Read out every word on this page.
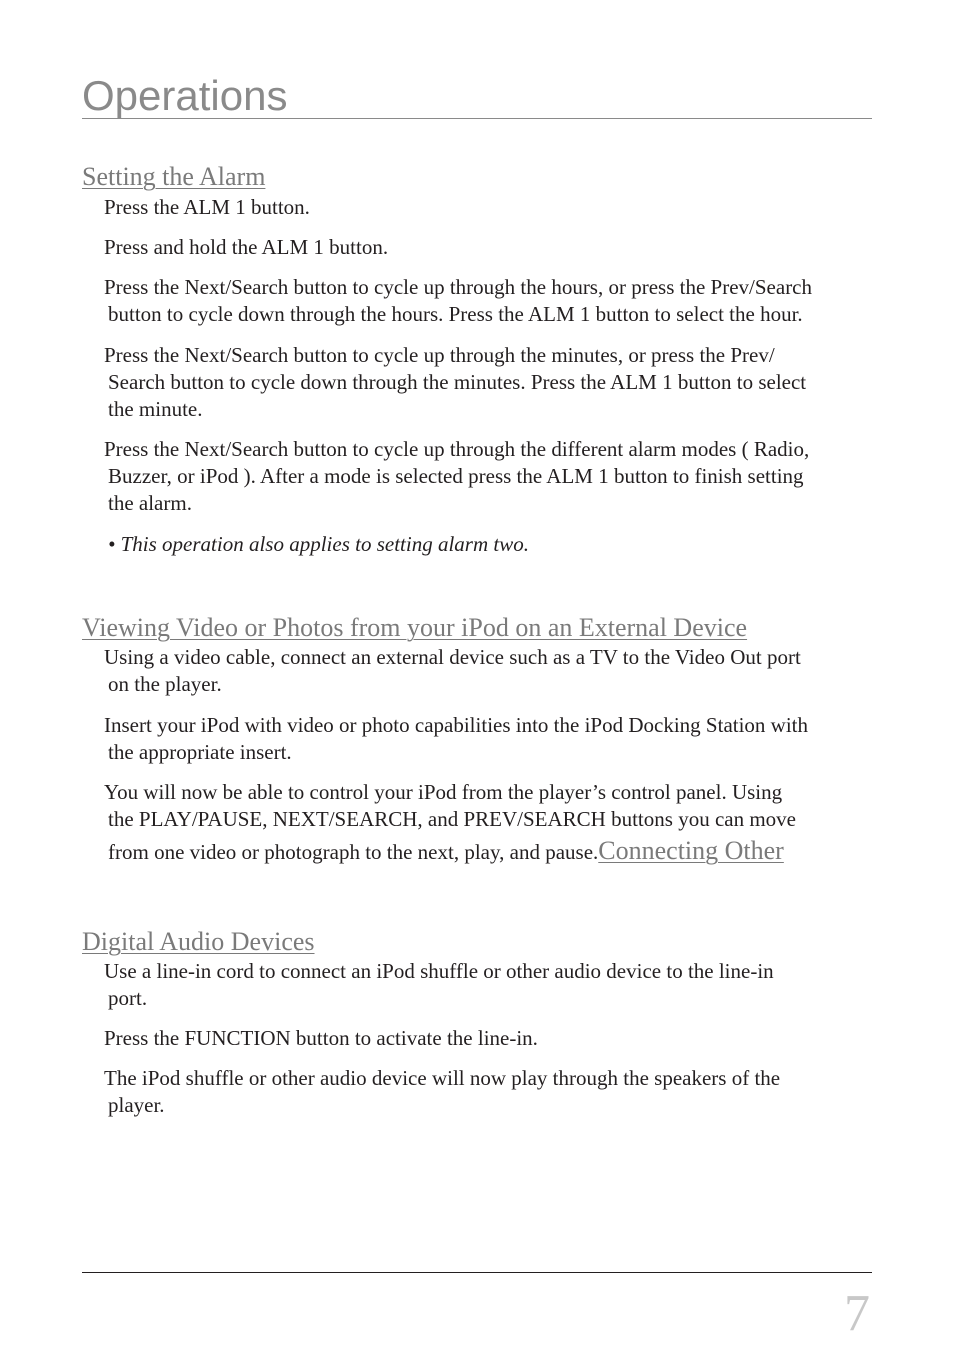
Operations
Setting the Alarm

Press the ALM 1 button.

Press and hold the ALM 1 button.

Press the Next/Search button to cycle up through the hours, or press the Prev/Search
button to cycle down through the hours. Press the ALM 1 button to select the hour.

Press the Next/Search button to cycle up through the minutes, or press the Prev/
Search button to cycle down through the minutes. Press the ALM 1 button to select
the minute.

Press the Next/Search button to cycle up through the different alarm modes ( Radio,
Buzzer, or iPod ). After a mode is selected press the ALM 1 button to finish setting
the alarm.

• This operation also applies to setting alarm two.

Viewing Video or Photos from your iPod on an External Device

Using a video cable, connect an external device such as a TV to the Video Out port
on the player.

Insert your iPod with video or photo capabilities into the iPod Docking Station with
the appropriate insert.

You will now be able to control your iPod from the player’s control panel. Using
the PLAY/PAUSE, NEXT/SEARCH, and PREV/SEARCH buttons you can move
from one video or photograph to the next, play, and pause.Connecting Other

Digital Audio Devices

Use a line-in cord to connect an iPod shuffle or other audio device to the line-in
port.

Press the FUNCTION button to activate the line-in.

The iPod shuffle or other audio device will now play through the speakers of the
player.

7
